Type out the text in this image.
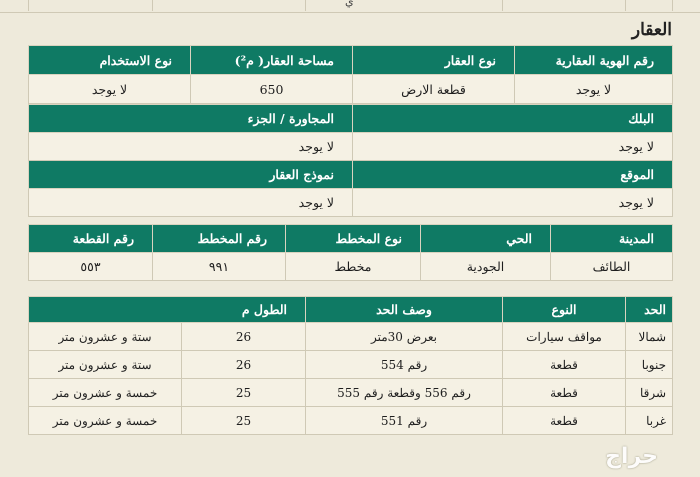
ي
العقار
رقم الهوية العقارية	نوع العقار	مساحة العقار( م²)	نوع الاستخدام
لا يوجد	قطعة الارض	650	لا يوجد
البلك	المجاورة / الجزء
لا يوجد	لا يوجد
الموقع	نموذج العقار
لا يوجد	لا يوجد
المدينة	الحي	نوع المخطط	رقم المخطط	رقم القطعة
الطائف	الجودية	مخطط	٩٩١	٥٥٣
الحد	النوع	وصف الحد	الطول م	
شمالا	مواقف سيارات	بعرض 30متر	26	ستة و عشرون متر
جنوبا	قطعة	رقم 554	26	ستة و عشرون متر
شرقا	قطعة	رقم 556 وقطعة رقم 555	25	خمسة و عشرون متر
غربا	قطعة	رقم 551	25	خمسة و عشرون متر
حراج
